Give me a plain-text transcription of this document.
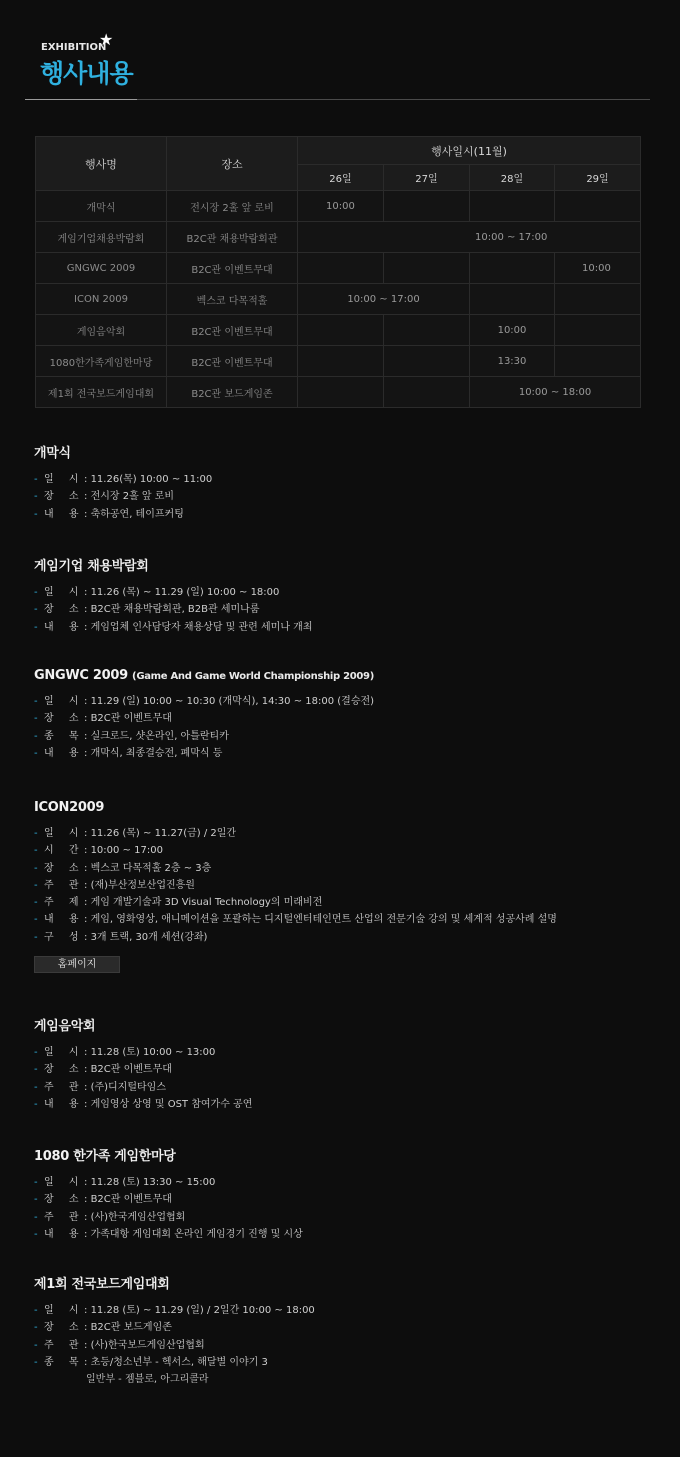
EXHIBITION
★
행사내용
행사명	장소	행사일시(11월)			
		26일	27일	28일	29일
개막식	전시장 2홀 앞 로비	10:00			
게임기업채용박람회	B2C관 채용박람회관	10:00 ~ 17:00			
GNGWC 2009	B2C관 이벤트무대				10:00
ICON 2009	벡스코 다목적홀	10:00 ~ 17:00			
게임음악회	B2C관 이벤트무대			10:00	
1080한가족게임한마당	B2C관 이벤트무대			13:30	
제1회 전국보드게임대회	B2C관 보드게임존			10:00 ~ 18:00	
개막식
- 일 시: 11.26(목) 10:00 ~ 11:00
- 장 소: 전시장 2홀 앞 로비
- 내 용: 축하공연, 테이프커팅
게임기업 채용박람회
- 일 시: 11.26 (목) ~ 11.29 (일) 10:00 ~ 18:00
- 장 소: B2C관 채용박람회관, B2B관 세미나룸
- 내 용: 게임업체 인사담당자 채용상담 및 관련 세미나 개최
GNGWC 2009 (Game And Game World Championship 2009)
- 일 시: 11.29 (일) 10:00 ~ 10:30 (개막식), 14:30 ~ 18:00 (결승전)
- 장 소: B2C관 이벤트무대
- 종 목: 실크로드, 샷온라인, 아틀란티카
- 내 용: 개막식, 최종결승전, 폐막식 등
ICON2009
- 일 시: 11.26 (목) ~ 11.27(금) / 2일간
- 시 간: 10:00 ~ 17:00
- 장 소: 벡스코 다목적홀 2층 ~ 3층
- 주 관: (재)부산정보산업진흥원
- 주 제: 게임 개발기술과 3D Visual Technology의 미래비전
- 내 용: 게임, 영화영상, 애니메이션을 포괄하는 디지털엔터테인먼트 산업의 전문기술 강의 및 세계적 성공사례 설명
- 구 성: 3개 트랙, 30개 세션(강좌)
홈페이지
게임음악회
- 일 시: 11.28 (토) 10:00 ~ 13:00
- 장 소: B2C관 이벤트무대
- 주 관: (주)디지털타임스
- 내 용: 게임영상 상영 및 OST 참여가수 공연
1080 한가족 게임한마당
- 일 시: 11.28 (토) 13:30 ~ 15:00
- 장 소: B2C관 이벤트무대
- 주 관: (사)한국게임산업협회
- 내 용: 가족대항 게임대회 온라인 게임경기 진행 및 시상
제1회 전국보드게임대회
- 일 시: 11.28 (토) ~ 11.29 (일) / 2일간 10:00 ~ 18:00
- 장 소: B2C관 보드게임존
- 주 관: (사)한국보드게임산업협회
- 종 목: 초등/청소년부 - 헥서스, 해달별 이야기 3
일반부 - 젬블로, 아그리콜라
